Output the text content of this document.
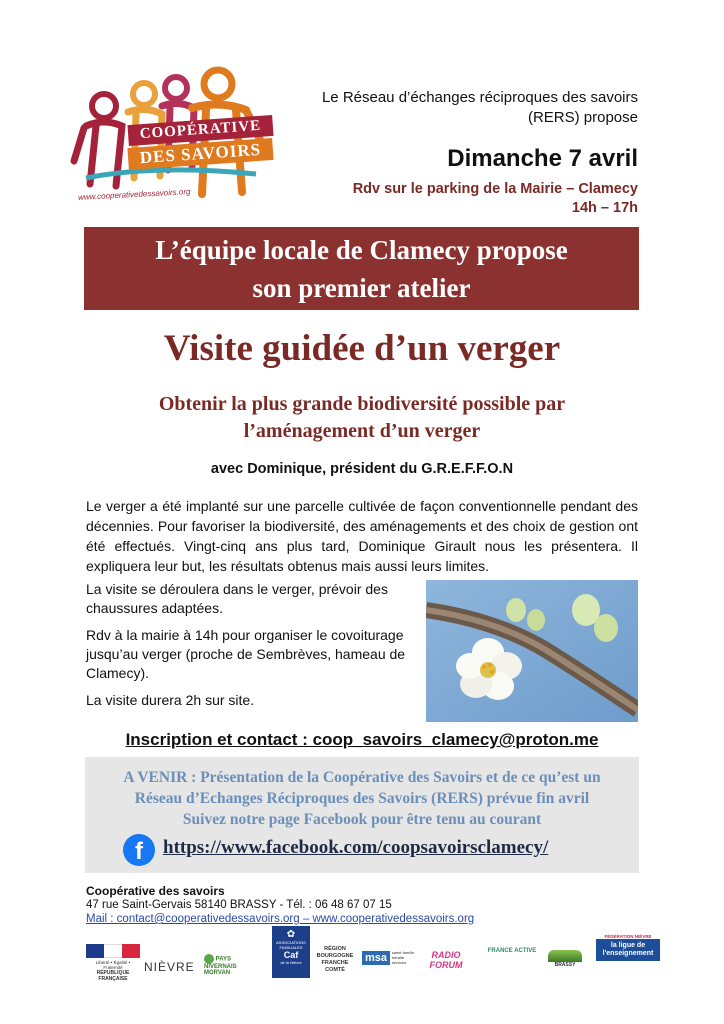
COOPÉRATIVE
DES SAVOIRS
www.cooperativedessavoirs.org
Le Réseau d’échanges réciproques des savoirs (RERS) propose
Dimanche 7 avril
Rdv sur le parking de la Mairie – Clamecy
14h – 17h
L’équipe locale de Clamecy propose
son premier atelier
Visite guidée d’un verger
Obtenir la plus grande biodiversité possible par
l’aménagement d’un verger
avec Dominique, président du G.R.E.F.F.O.N
Le verger a été implanté sur une parcelle cultivée de façon conventionnelle pendant des décennies. Pour favoriser la biodiversité, des aménagements et des choix de gestion ont été effectués. Vingt-cinq ans plus tard, Dominique Girault nous les présentera. Il expliquera leur but, les résultats obtenus mais aussi leurs limites.

La visite se déroulera dans le verger, prévoir des chaussures adaptées.

Rdv à la mairie à 14h pour organiser le covoiturage jusqu’au verger (proche de Sembrèves, hameau de Clamecy).

La visite durera 2h sur site.

Inscription et contact : coop_savoirs_clamecy@proton.me
A VENIR : Présentation de la Coopérative des Savoirs et de ce qu’est un
Réseau d’Echanges Réciproques des Savoirs (RERS) prévue fin avril
Suivez notre page Facebook pour être tenu au courant
f	https://www.facebook.com/coopsavoirsclamecy/
Coopérative des savoirs
47 rue Saint-Gervais 58140 BRASSY - Tél. : 06 48 67 07 15
Mail : contact@cooperativedessavoirs.org – www.cooperativedessavoirs.org
Liberté • Égalité • Fraternité
RÉPUBLIQUE FRANÇAISE
NIÈVRE
PAYS NIVERNAIS MORVAN
✿
ASSOCIATIONS FAMILIALES
Caf
de la Nièvre
RÉGION
BOURGOGNE
FRANCHE
COMTÉ
msa santé famille retraite services
RADIO FORUM
FRANCE ACTIVE
BRASSY
FÉDÉRATION NIÈVRE
la ligue de
l'enseignement
